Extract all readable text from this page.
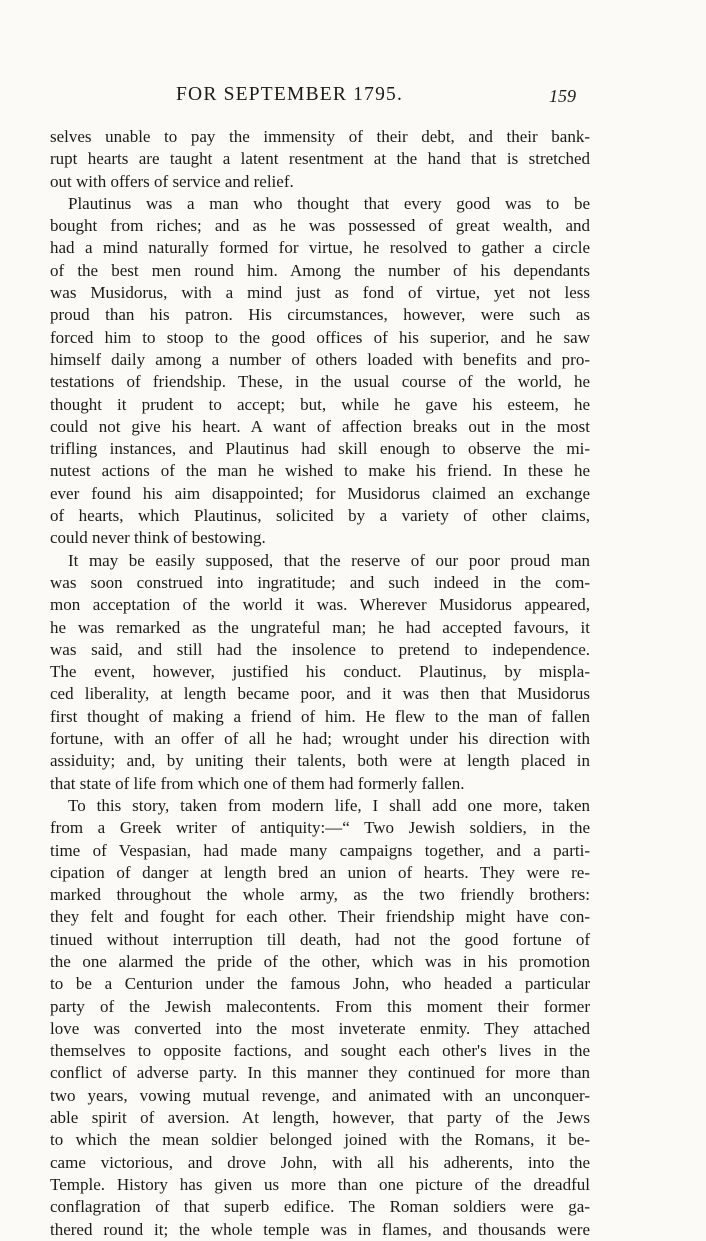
FOR SEPTEMBER 1795.	159
selves unable to pay the immensity of their debt, and their bank-
rupt hearts are taught a latent resentment at the hand that is stretched
out with offers of service and relief.
Plautinus was a man who thought that every good was to be
bought from riches; and as he was possessed of great wealth, and
had a mind naturally formed for virtue, he resolved to gather a circle
of the best men round him. Among the number of his dependants
was Musidorus, with a mind just as fond of virtue, yet not less
proud than his patron. His circumstances, however, were such as
forced him to stoop to the good offices of his superior, and he saw
himself daily among a number of others loaded with benefits and pro-
testations of friendship. These, in the usual course of the world, he
thought it prudent to accept; but, while he gave his esteem, he
could not give his heart. A want of affection breaks out in the most
trifling instances, and Plautinus had skill enough to observe the mi-
nutest actions of the man he wished to make his friend. In these he
ever found his aim disappointed; for Musidorus claimed an exchange
of hearts, which Plautinus, solicited by a variety of other claims,
could never think of bestowing.
It may be easily supposed, that the reserve of our poor proud man
was soon construed into ingratitude; and such indeed in the com-
mon acceptation of the world it was. Wherever Musidorus appeared,
he was remarked as the ungrateful man; he had accepted favours, it
was said, and still had the insolence to pretend to independence.
The event, however, justified his conduct. Plautinus, by mispla-
ced liberality, at length became poor, and it was then that Musidorus
first thought of making a friend of him. He flew to the man of fallen
fortune, with an offer of all he had; wrought under his direction with
assiduity; and, by uniting their talents, both were at length placed in
that state of life from which one of them had formerly fallen.
To this story, taken from modern life, I shall add one more, taken
from a Greek writer of antiquity:—“ Two Jewish soldiers, in the
time of Vespasian, had made many campaigns together, and a parti-
cipation of danger at length bred an union of hearts. They were re-
marked throughout the whole army, as the two friendly brothers:
they felt and fought for each other. Their friendship might have con-
tinued without interruption till death, had not the good fortune of
the one alarmed the pride of the other, which was in his promotion
to be a Centurion under the famous John, who headed a particular
party of the Jewish malecontents. From this moment their former
love was converted into the most inveterate enmity. They attached
themselves to opposite factions, and sought each other's lives in the
conflict of adverse party. In this manner they continued for more than
two years, vowing mutual revenge, and animated with an unconquer-
able spirit of aversion. At length, however, that party of the Jews
to which the mean soldier belonged joined with the Romans, it be-
came victorious, and drove John, with all his adherents, into the
Temple. History has given us more than one picture of the dreadful
conflagration of that superb edifice. The Roman soldiers were ga-
thered round it; the whole temple was in flames, and thousands were
